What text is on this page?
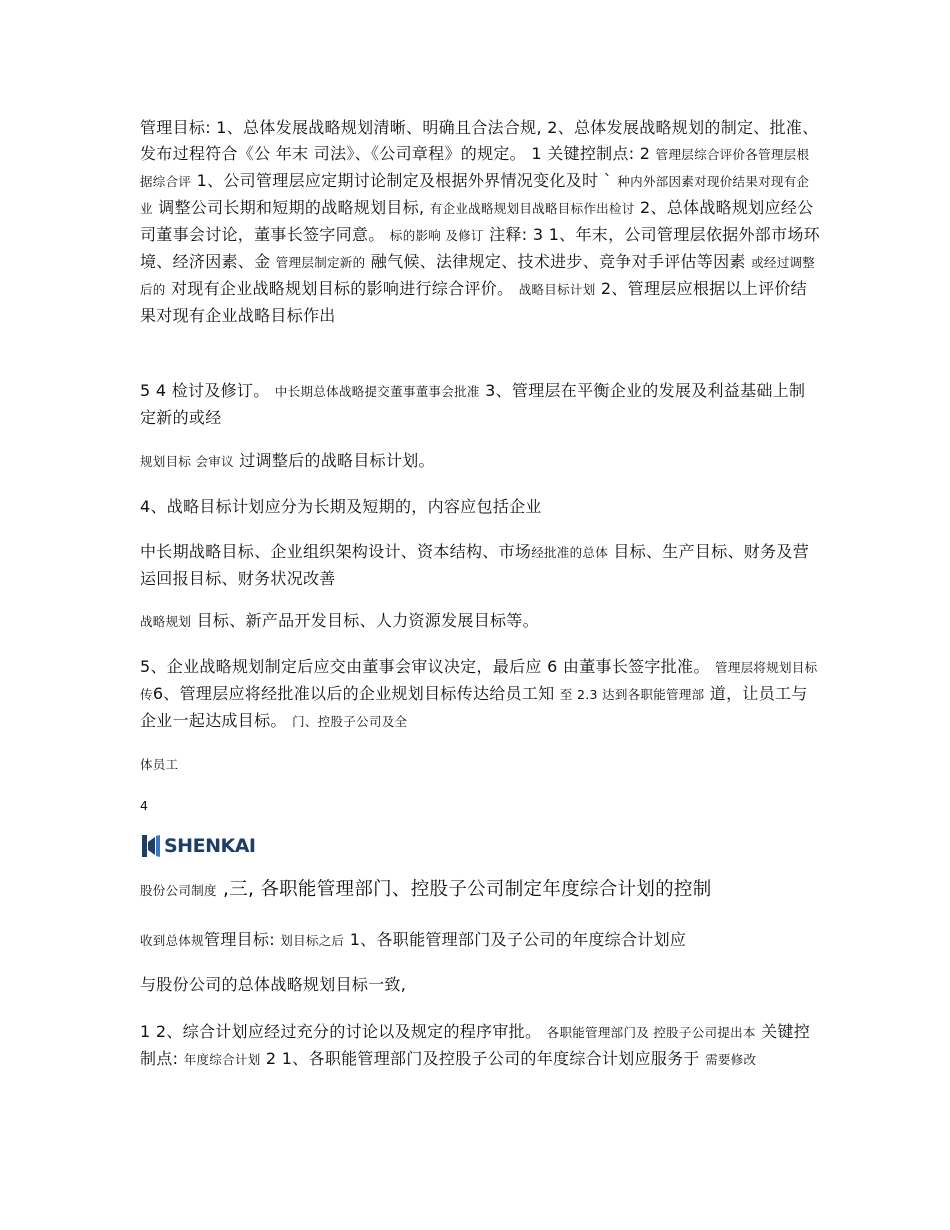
管理目标: 1、总体发展战略规划清晰、明确且合法合规, 2、总体发展战略规划的制定、批准、发布过程符合《公 年末 司法》、《公司章程》的规定。 1 关键控制点: 2 管理层综合评价各管理层根据综合评 1、公司管理层应定期讨论制定及根据外界情况变化及时 ` 种内外部因素对现价结果对现有企业 调整公司长期和短期的战略规划目标, 有企业战略规划目战略目标作出检讨 2、总体战略规划应经公司董事会讨论，董事长签字同意。 标的影响 及修订 注释: 3 1、年末，公司管理层依据外部市场环境、经济因素、金 管理层制定新的 融气候、法律规定、技术进步、竞争对手评估等因素 或经过调整后的 对现有企业战略规划目标的影响进行综合评价。 战略目标计划 2、管理层应根据以上评价结果对现有企业战略目标作出

5 4 检讨及修订。 中长期总体战略提交董事董事会批准 3、管理层在平衡企业的发展及利益基础上制定新的或经

规划目标 会审议 过调整后的战略目标计划。

4、战略目标计划应分为长期及短期的，内容应包括企业

中长期战略目标、企业组织架构设计、资本结构、市场经批准的总体 目标、生产目标、财务及营运回报目标、财务状况改善

战略规划 目标、新产品开发目标、人力资源发展目标等。

5、企业战略规划制定后应交由董事会审议决定，最后应 6 由董事长签字批准。 管理层将规划目标传6、管理层应将经批准以后的企业规划目标传达给员工知 至 2.3 达到各职能管理部 道，让员工与企业一起达成目标。 门、控股子公司及全

体员工

4

SHENKAI

股份公司制度 ,三, 各职能管理部门、控股子公司制定年度综合计划的控制

收到总体规管理目标: 划目标之后 1、各职能管理部门及子公司的年度综合计划应

与股份公司的总体战略规划目标一致,

1 2、综合计划应经过充分的讨论以及规定的程序审批。 各职能管理部门及 控股子公司提出本 关键控制点: 年度综合计划 2 1、各职能管理部门及控股子公司的年度综合计划应服务于 需要修改
